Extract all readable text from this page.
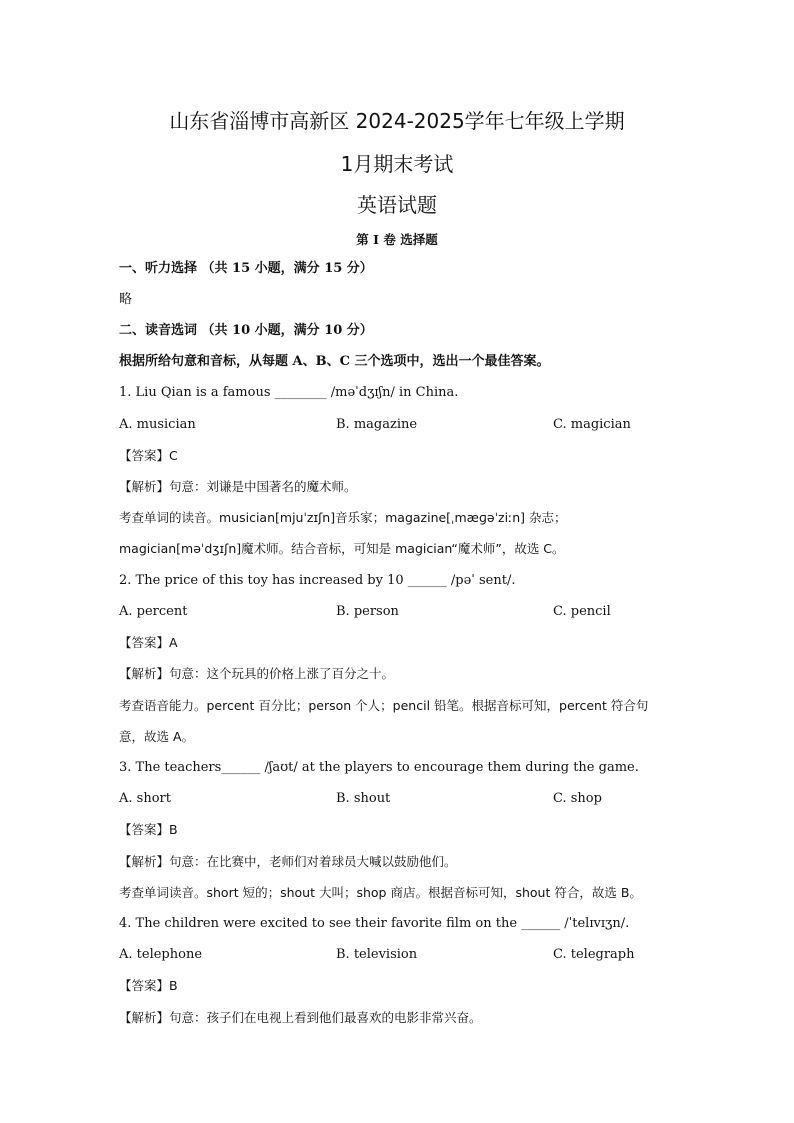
山东省淄博市高新区 2024-2025学年七年级上学期
1月期末考试
英语试题
第 I 卷 选择题
一、听力选择 （共 15 小题，满分 15 分）
略
二、读音选词 （共 10 小题，满分 10 分）
根据所给句意和音标，从每题 A、B、C 三个选项中，选出一个最佳答案。
1. Liu Qian is a famous ________ /məˈdʒɪʃn/ in China.
A. musician	B. magazine	C. magician
【答案】C
【解析】句意：刘谦是中国著名的魔术师。
考查单词的读音。musician[mjuˈzɪʃn]音乐家；magazine[ˌmæɡəˈziːn] 杂志；
magician[məˈdʒɪʃn]魔术师。结合音标，可知是 magician“魔术师”，故选 C。
2. The price of this toy has increased by 10 ______ /pəˈ sent/.
A. percent	B. person	C. pencil
【答案】A
【解析】句意：这个玩具的价格上涨了百分之十。
考查语音能力。percent 百分比；person 个人；pencil 铅笔。根据音标可知，percent 符合句
意，故选 A。
3. The teachers______ /ʃaʊt/ at the players to encourage them during the game.
A. short	B. shout	C. shop
【答案】B
【解析】句意：在比赛中，老师们对着球员大喊以鼓励他们。
考查单词读音。short 短的；shout 大叫；shop 商店。根据音标可知，shout 符合，故选 B。
4. The children were excited to see their favorite film on the ______ /ˈtelɪvɪʒn/.
A. telephone	B. television	C. telegraph
【答案】B
【解析】句意：孩子们在电视上看到他们最喜欢的电影非常兴奋。
